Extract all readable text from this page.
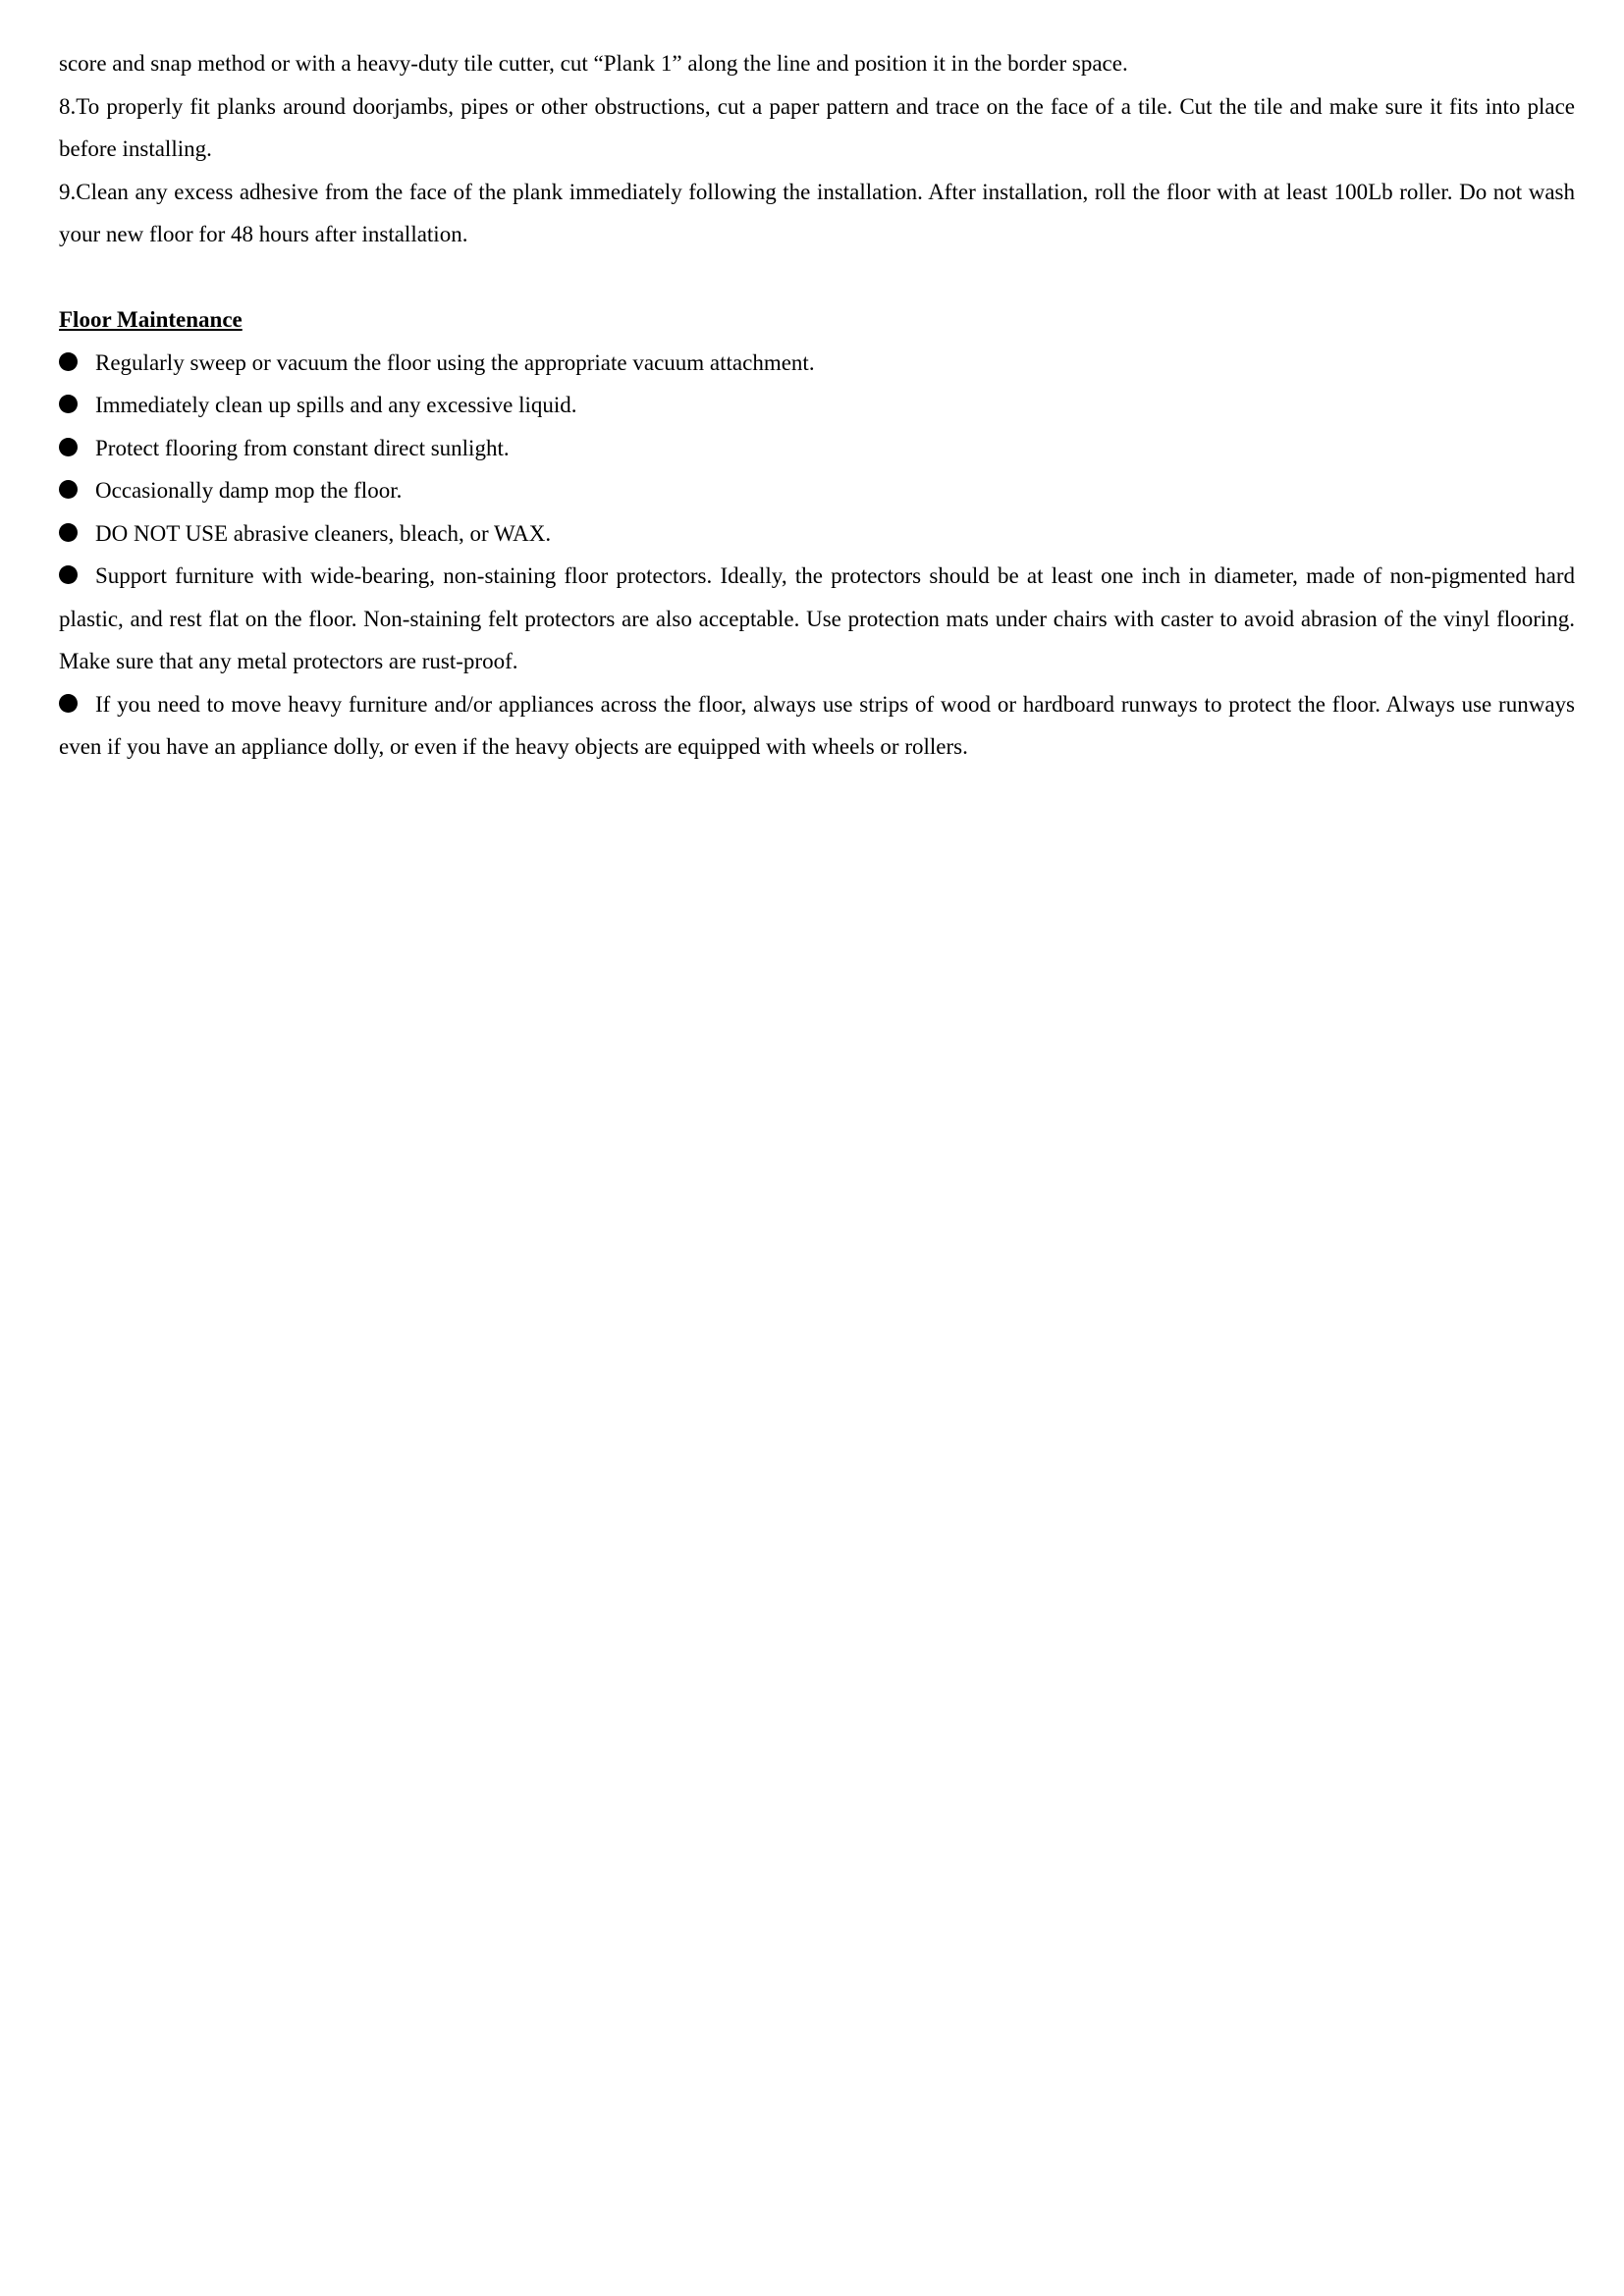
score and snap method or with a heavy-duty tile cutter, cut “Plank 1” along the line and position it in the border space.

8.To properly fit planks around doorjambs, pipes or other obstructions, cut a paper pattern and trace on the face of a tile. Cut the tile and make sure it fits into place before installing.

9.Clean any excess adhesive from the face of the plank immediately following the installation. After installation, roll the floor with at least 100Lb roller. Do not wash your new floor for 48 hours after installation.

Floor Maintenance

Regularly sweep or vacuum the floor using the appropriate vacuum attachment.

Immediately clean up spills and any excessive liquid.

Protect flooring from constant direct sunlight.

Occasionally damp mop the floor.

DO NOT USE abrasive cleaners, bleach, or WAX.

Support furniture with wide-bearing, non-staining floor protectors. Ideally, the protectors should be at least one inch in diameter, made of non-pigmented hard plastic, and rest flat on the floor. Non-staining felt protectors are also acceptable. Use protection mats under chairs with caster to avoid abrasion of the vinyl flooring. Make sure that any metal protectors are rust-proof.

If you need to move heavy furniture and/or appliances across the floor, always use strips of wood or hardboard runways to protect the floor. Always use runways even if you have an appliance dolly, or even if the heavy objects are equipped with wheels or rollers.
